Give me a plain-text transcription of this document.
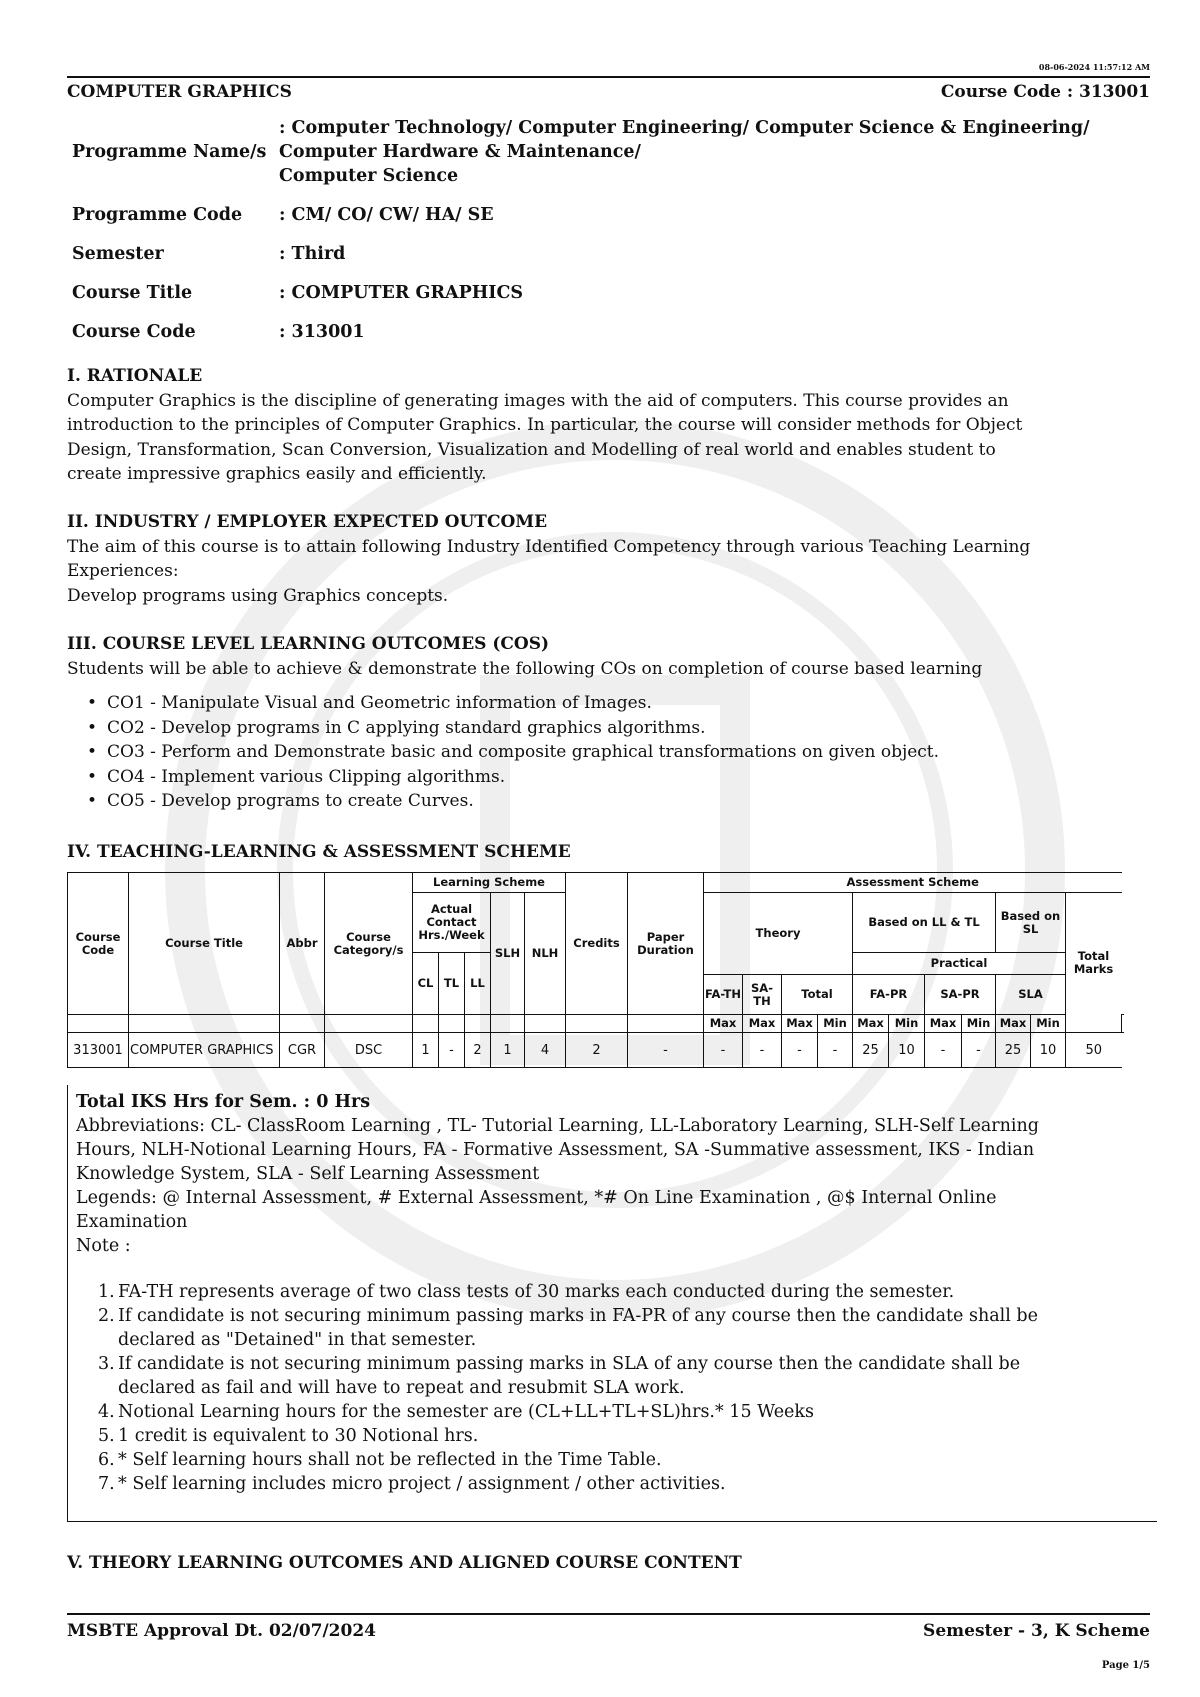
08-06-2024 11:57:12 AM
COMPUTER GRAPHICS	Course Code : 313001
Programme Name/s	: Computer Technology/ Computer Engineering/ Computer Science & Engineering/
Computer Hardware & Maintenance/
Computer Science

Programme Code	: CM/ CO/ CW/ HA/ SE
Semester	: Third
Course Title	: COMPUTER GRAPHICS
Course Code	: 313001
I. RATIONALE
Computer Graphics is the discipline of generating images with the aid of computers. This course provides an
introduction to the principles of Computer Graphics. In particular, the course will consider methods for Object
Design, Transformation, Scan Conversion, Visualization and Modelling of real world and enables student to
create impressive graphics easily and efficiently.
II. INDUSTRY / EMPLOYER EXPECTED OUTCOME
The aim of this course is to attain following Industry Identified Competency through various Teaching Learning
Experiences:
Develop programs using Graphics concepts.
III. COURSE LEVEL LEARNING OUTCOMES (COS)
Students will be able to achieve & demonstrate the following COs on completion of course based learning
• CO1 - Manipulate Visual and Geometric information of Images.
• CO2 - Develop programs in C applying standard graphics algorithms.
• CO3 - Perform and Demonstrate basic and composite graphical transformations on given object.
• CO4 - Implement various Clipping algorithms.
• CO5 - Develop programs to create Curves.
IV. TEACHING-LEARNING & ASSESSMENT SCHEME
Course Code	Course Title	Abbr	Course Category/s	Learning Scheme					Credits	Paper Duration	Assessment Scheme											
				Actual Contact Hrs./Week			SLH	NLH			Theory				Based on LL & TL				Based on SL		Total Marks	
				CL	TL	LL									Practical							
											FA-TH	SA-TH	Total		FA-PR		SA-PR		SLA			
											Max	Max	Max	Min	Max	Min	Max	Min	Max	Min		
313001	COMPUTER GRAPHICS	CGR	DSC	1	-	2	1	4	2	-	-	-	-	-	25	10	-	-	25	10	50	
Total IKS Hrs for Sem. : 0 Hrs
Abbreviations: CL- ClassRoom Learning , TL- Tutorial Learning, LL-Laboratory Learning, SLH-Self Learning
Hours, NLH-Notional Learning Hours, FA - Formative Assessment, SA -Summative assessment, IKS - Indian
Knowledge System, SLA - Self Learning Assessment
Legends: @ Internal Assessment, # External Assessment, *# On Line Examination , @$ Internal Online
Examination
Note :
1. FA-TH represents average of two class tests of 30 marks each conducted during the semester.
2. If candidate is not securing minimum passing marks in FA-PR of any course then the candidate shall be
declared as "Detained" in that semester.
3. If candidate is not securing minimum passing marks in SLA of any course then the candidate shall be
declared as fail and will have to repeat and resubmit SLA work.
4. Notional Learning hours for the semester are (CL+LL+TL+SL)hrs.* 15 Weeks
5. 1 credit is equivalent to 30 Notional hrs.
6. * Self learning hours shall not be reflected in the Time Table.
7. * Self learning includes micro project / assignment / other activities.
V. THEORY LEARNING OUTCOMES AND ALIGNED COURSE CONTENT
MSBTE Approval Dt. 02/07/2024	Semester - 3, K Scheme
Page 1/5
